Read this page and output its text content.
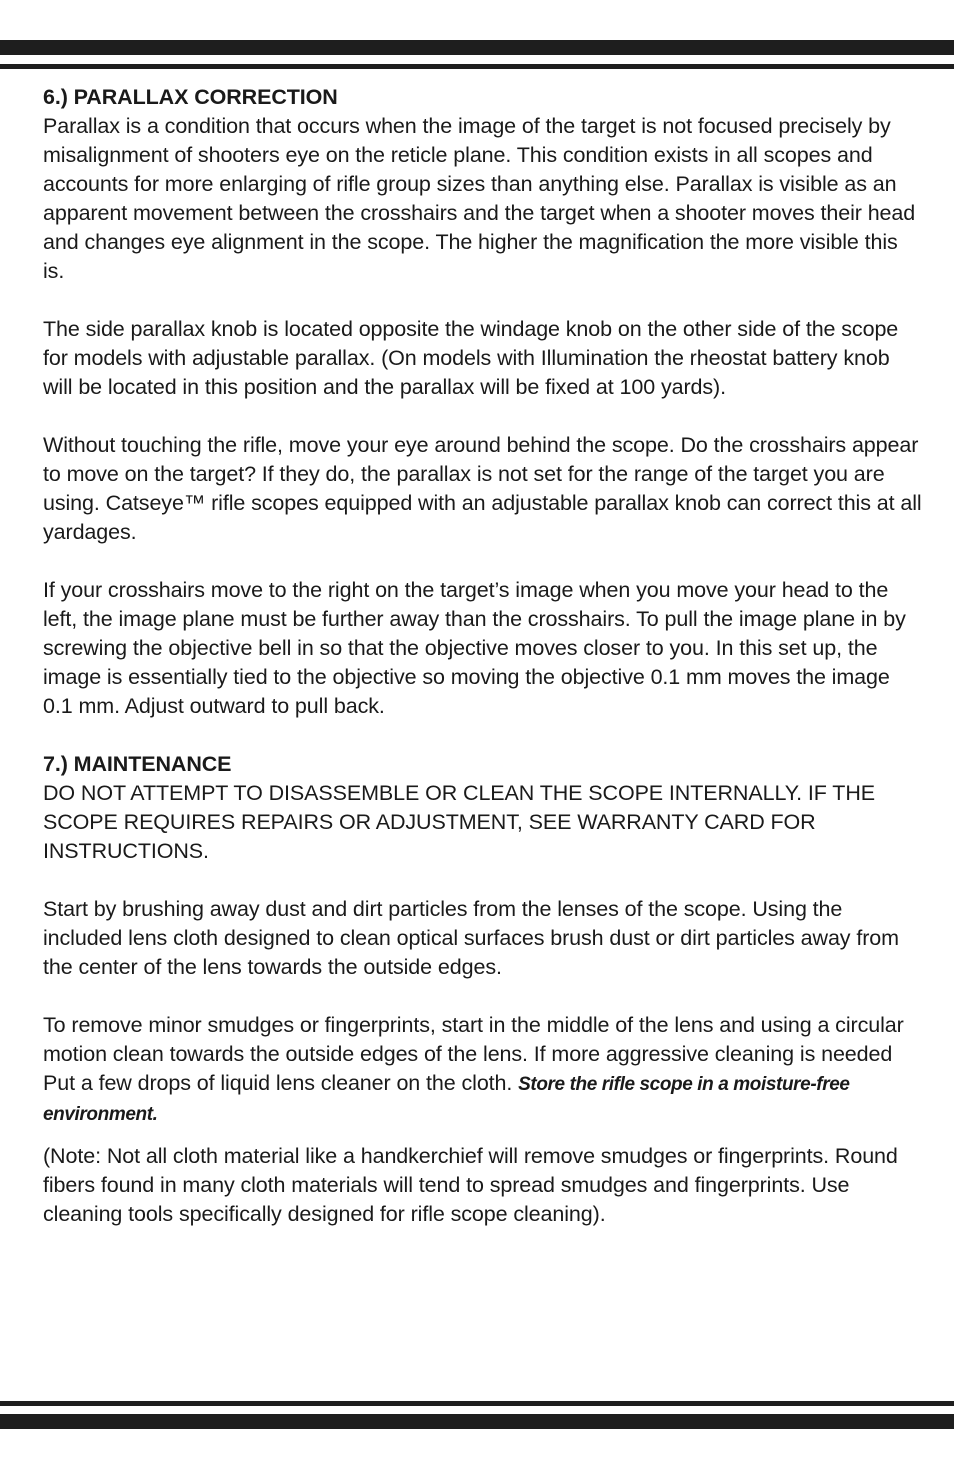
6.) PARALLAX CORRECTION
Parallax is a condition that occurs when the image of the target is not focused precisely by misalignment of shooters eye on the reticle plane. This condition exists in all scopes and accounts for more enlarging of rifle group sizes than anything else. Parallax is visible as an apparent movement between the crosshairs and the target when a shooter moves their head and changes eye alignment in the scope. The higher the magnification the more visible this is.

The side parallax knob is located opposite the windage knob on the other side of the scope for models with adjustable parallax. (On models with Illumination the rheostat battery knob will be located in this position and the parallax will be fixed at 100 yards).

Without touching the rifle, move your eye around behind the scope. Do the crosshairs appear to move on the target? If they do, the parallax is not set for the range of the target you are using. Catseye™ rifle scopes equipped with an adjustable parallax knob can correct this at all yardages.

If your crosshairs move to the right on the target’s image when you move your head to the left, the image plane must be further away than the crosshairs. To pull the image plane in by screwing the objective bell in so that the objective moves closer to you. In this set up, the image is essentially tied to the objective so moving the objective 0.1 mm moves the image 0.1 mm. Adjust outward to pull back.

7.) MAINTENANCE
DO NOT ATTEMPT TO DISASSEMBLE OR CLEAN THE SCOPE INTERNALLY. IF THE SCOPE REQUIRES REPAIRS OR ADJUSTMENT, SEE WARRANTY CARD FOR INSTRUCTIONS.

Start by brushing away dust and dirt particles from the lenses of the scope. Using the included lens cloth designed to clean optical surfaces brush dust or dirt particles away from the center of the lens towards the outside edges.

To remove minor smudges or fingerprints, start in the middle of the lens and using a circular motion clean towards the outside edges of the lens. If more aggressive cleaning is needed Put a few drops of liquid lens cleaner on the cloth. Store the rifle scope in a moisture-free environment.

(Note: Not all cloth material like a handkerchief will remove smudges or fingerprints. Round fibers found in many cloth materials will tend to spread smudges and fingerprints. Use cleaning tools specifically designed for rifle scope cleaning).
